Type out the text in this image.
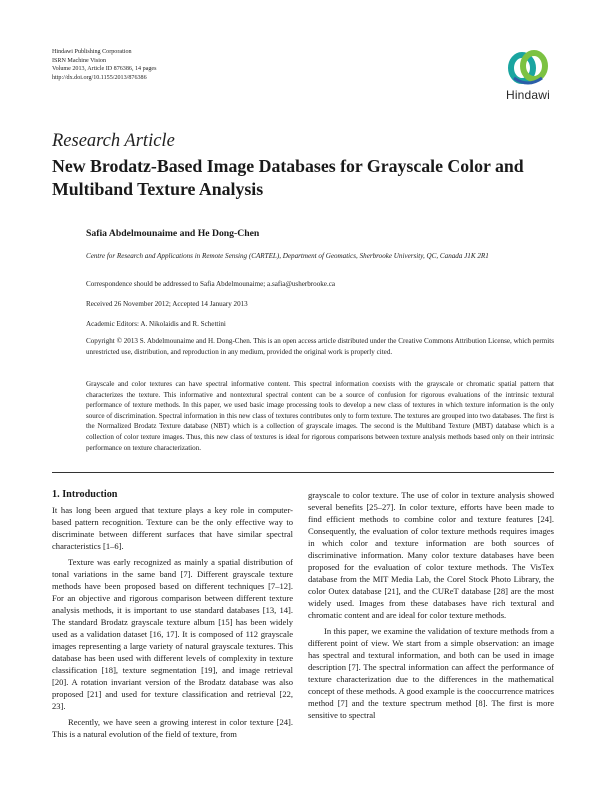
Hindawi Publishing Corporation
ISRN Machine Vision
Volume 2013, Article ID 876386, 14 pages
http://dx.doi.org/10.1155/2013/876386
Hindawi
Research Article
New Brodatz-Based Image Databases for Grayscale Color and Multiband Texture Analysis
Safia Abdelmounaime and He Dong-Chen
Centre for Research and Applications in Remote Sensing (CARTEL), Department of Geomatics, Sherbrooke University, QC, Canada J1K 2R1
Correspondence should be addressed to Safia Abdelmounaime; a.safia@usherbrooke.ca
Received 26 November 2012; Accepted 14 January 2013
Academic Editors: A. Nikolaidis and R. Schettini
Copyright © 2013 S. Abdelmounaime and H. Dong-Chen. This is an open access article distributed under the Creative Commons Attribution License, which permits unrestricted use, distribution, and reproduction in any medium, provided the original work is properly cited.
Grayscale and color textures can have spectral informative content. This spectral information coexists with the grayscale or chromatic spatial pattern that characterizes the texture. This informative and nontextural spectral content can be a source of confusion for rigorous evaluations of the intrinsic textural performance of texture methods. In this paper, we used basic image processing tools to develop a new class of textures in which texture information is the only source of discrimination. Spectral information in this new class of textures contributes only to form texture. The textures are grouped into two databases. The first is the Normalized Brodatz Texture database (NBT) which is a collection of grayscale images. The second is the Multiband Texture (MBT) database which is a collection of color texture images. Thus, this new class of textures is ideal for rigorous comparisons between texture analysis methods based only on their intrinsic performance on texture characterization.
1. Introduction

It has long been argued that texture plays a key role in computer-based pattern recognition. Texture can be the only effective way to discriminate between different surfaces that have similar spectral characteristics [1–6].

Texture was early recognized as mainly a spatial distribution of tonal variations in the same band [7]. Different grayscale texture methods have been proposed based on different techniques [7–12]. For an objective and rigorous comparison between different texture analysis methods, it is important to use standard databases [13, 14]. The standard Brodatz grayscale texture album [15] has been widely used as a validation dataset [16, 17]. It is composed of 112 grayscale images representing a large variety of natural grayscale textures. This database has been used with different levels of complexity in texture classification [18], texture segmentation [19], and image retrieval [20]. A rotation invariant version of the Brodatz database was also proposed [21] and used for texture classification and retrieval [22, 23].

Recently, we have seen a growing interest in color texture [24]. This is a natural evolution of the field of texture, from

grayscale to color texture. The use of color in texture analysis showed several benefits [25–27]. In color texture, efforts have been made to find efficient methods to combine color and texture features [24]. Consequently, the evaluation of color texture methods requires images in which color and texture information are both sources of discriminative information. Many color texture databases have been proposed for the evaluation of color texture methods. The VisTex database from the MIT Media Lab, the Corel Stock Photo Library, the color Outex database [21], and the CUReT database [28] are the most widely used. Images from these databases have rich textural and chromatic content and are ideal for color texture methods.

In this paper, we examine the validation of texture methods from a different point of view. We start from a simple observation: an image has spectral and textural information, and both can be used in image description [7]. The spectral information can affect the performance of texture characterization due to the differences in the mathematical concept of these methods. A good example is the cooccurrence matrices method [7] and the texture spectrum method [8]. The first is more sensitive to spectral
